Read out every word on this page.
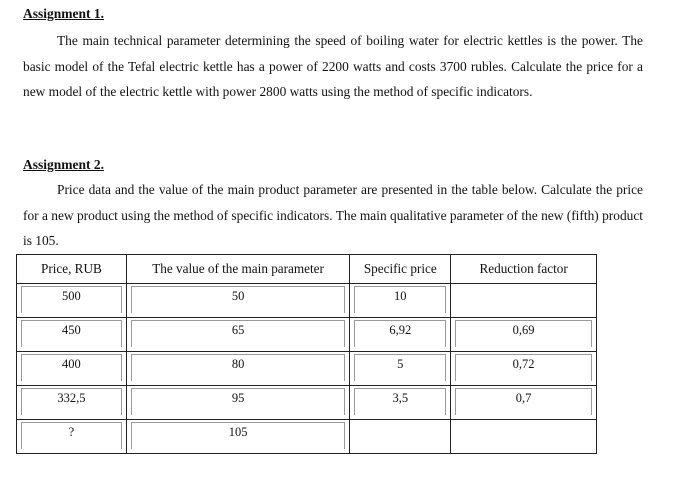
Assignment 1.

The main technical parameter determining the speed of boiling water for electric kettles is the power. The basic model of the Tefal electric kettle has a power of 2200 watts and costs 3700 rubles. Calculate the price for a new model of the electric kettle with power 2800 watts using the method of specific indicators.

Assignment 2.

Price data and the value of the main product parameter are presented in the table below. Calculate the price for a new product using the method of specific indicators. The main qualitative parameter of the new (fifth) product is 105.

Price, RUB	The value of the main parameter	Specific price	Reduction factor

500	50	10	

450	65	6,92	0,69

400	80	5	0,72

332,5	95	3,5	0,7

?	105		
